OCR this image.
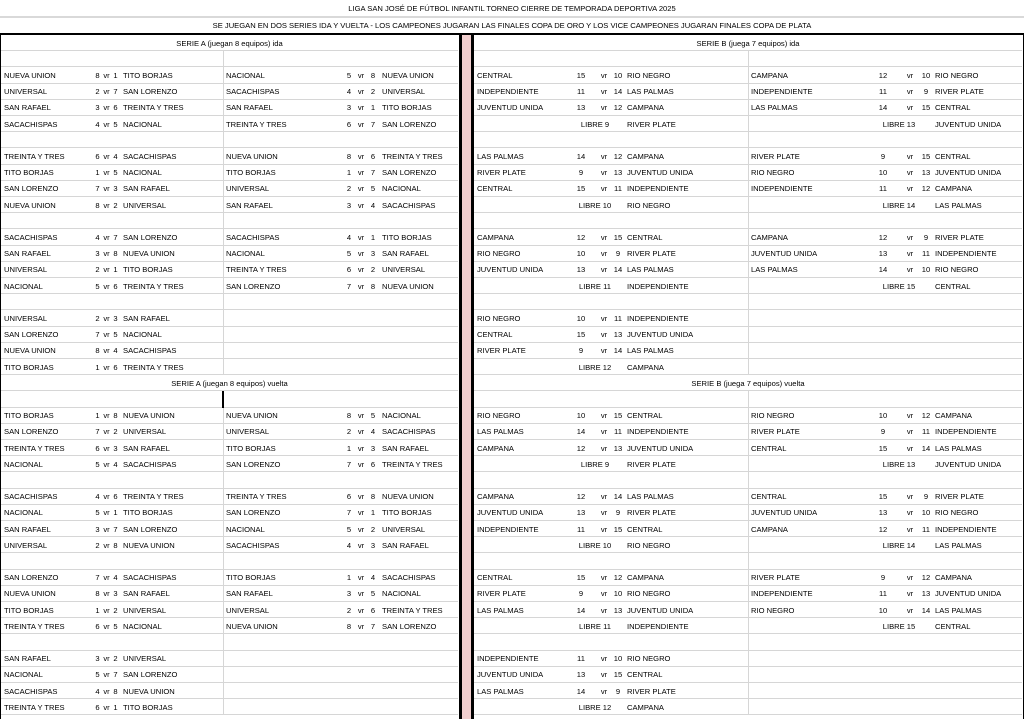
LIGA SAN JOSÉ DE FÚTBOL INFANTIL TORNEO CIERRE DE TEMPORADA DEPORTIVA 2025
SE JUEGAN EN DOS SERIES IDA Y VUELTA - LOS CAMPEONES JUGARAN LAS FINALES COPA DE ORO Y LOS VICE CAMPEONES JUGARAN FINALES COPA DE PLATA
SERIE A (juegan 8 equipos) ida
NUEVA UNION	8 vr 1 TITO BORJAS
UNIVERSAL	2 vr 7 SAN LORENZO
SAN RAFAEL	3 vr 6 TREINTA Y TRES
SACACHISPAS	4 vr 5 NACIONAL
TREINTA Y TRES	6 vr 4 SACACHISPAS
TITO BORJAS	1 vr 5 NACIONAL
SAN LORENZO	7 vr 3 SAN RAFAEL
NUEVA UNION	8 vr 2 UNIVERSAL
SACACHISPAS	4 vr 7 SAN LORENZO
SAN RAFAEL	3 vr 8 NUEVA UNION
UNIVERSAL	2 vr 1 TITO BORJAS
NACIONAL	5 vr 6 TREINTA Y TRES
UNIVERSAL	2 vr 3 SAN RAFAEL
SAN LORENZO	7 vr 5 NACIONAL
NUEVA UNION	8 vr 4 SACACHISPAS
TITO BORJAS	1 vr 6 TREINTA Y TRES
NACIONAL	5 vr 8 NUEVA UNION
SACACHISPAS	4 vr 2 UNIVERSAL
SAN RAFAEL	3 vr 1 TITO BORJAS
TREINTA Y TRES	6 vr 7 SAN LORENZO
NUEVA UNION	8 vr 6 TREINTA Y TRES
TITO BORJAS	1 vr 7 SAN LORENZO
UNIVERSAL	2 vr 5 NACIONAL
SAN RAFAEL	3 vr 4 SACACHISPAS
SACACHISPAS	4 vr 1 TITO BORJAS
NACIONAL	5 vr 3 SAN RAFAEL
TREINTA Y TRES	6 vr 2 UNIVERSAL
SAN LORENZO	7 vr 8 NUEVA UNION
SERIE A (juegan 8 equipos) vuelta
TITO BORJAS	1 vr 8 NUEVA UNION
SAN LORENZO	7 vr 2 UNIVERSAL
TREINTA Y TRES	6 vr 3 SAN RAFAEL
NACIONAL	5 vr 4 SACACHISPAS
SACACHISPAS	4 vr 6 TREINTA Y TRES
NACIONAL	5 vr 1 TITO BORJAS
SAN RAFAEL	3 vr 7 SAN LORENZO
UNIVERSAL	2 vr 8 NUEVA UNION
SAN LORENZO	7 vr 4 SACACHISPAS
NUEVA UNION	8 vr 3 SAN RAFAEL
TITO BORJAS	1 vr 2 UNIVERSAL
TREINTA Y TRES	6 vr 5 NACIONAL
SAN RAFAEL	3 vr 2 UNIVERSAL
NACIONAL	5 vr 7 SAN LORENZO
SACACHISPAS	4 vr 8 NUEVA UNION
TREINTA Y TRES	6 vr 1 TITO BORJAS
NUEVA UNION	8 vr 5 NACIONAL
UNIVERSAL	2 vr 4 SACACHISPAS
TITO BORJAS	1 vr 3 SAN RAFAEL
SAN LORENZO	7 vr 6 TREINTA Y TRES
TREINTA Y TRES	6 vr 8 NUEVA UNION
SAN LORENZO	7 vr 1 TITO BORJAS
NACIONAL	5 vr 2 UNIVERSAL
SACACHISPAS	4 vr 3 SAN RAFAEL
TITO BORJAS	1 vr 4 SACACHISPAS
SAN RAFAEL	3 vr 5 NACIONAL
UNIVERSAL	2 vr 6 TREINTA Y TRES
NUEVA UNION	8 vr 7 SAN LORENZO
SERIE B (juega 7 equipos) ida
CENTRAL	15	vr 10 RIO NEGRO
INDEPENDIENTE	11	vr 14 LAS PALMAS
JUVENTUD UNIDA	13	vr 12 CAMPANA
LIBRE 9	RIVER PLATE
LAS PALMAS	14	vr 12 CAMPANA
RIVER PLATE	9	vr 13 JUVENTUD UNIDA
CENTRAL	15	vr 11 INDEPENDIENTE
LIBRE 10	RIO NEGRO
CAMPANA	12	vr 15 CENTRAL
RIO NEGRO	10	vr	9 RIVER PLATE
JUVENTUD UNIDA	13	vr 14 LAS PALMAS
LIBRE 11	INDEPENDIENTE
RIO NEGRO	10	vr 11 INDEPENDIENTE
CENTRAL	15	vr 13 JUVENTUD UNIDA
RIVER PLATE	9	vr 14 LAS PALMAS
LIBRE 12	CAMPANA
CAMPANA	12	vr	10 RIO NEGRO
INDEPENDIENTE	11	vr	9 RIVER PLATE
LAS PALMAS	14	vr	15 CENTRAL
LIBRE 13	JUVENTUD UNIDA
RIVER PLATE	9	vr	15 CENTRAL
RIO NEGRO	10	vr	13 JUVENTUD UNIDA
INDEPENDIENTE	11	vr	12 CAMPANA
LIBRE 14	LAS PALMAS
CAMPANA	12	vr	9 RIVER PLATE
JUVENTUD UNIDA	13	vr	11 INDEPENDIENTE
LAS PALMAS	14	vr	10 RIO NEGRO
LIBRE 15	CENTRAL
SERIE B (juega 7 equipos) vuelta
RIO NEGRO	10	vr 15 CENTRAL
LAS PALMAS	14	vr 11 INDEPENDIENTE
CAMPANA	12	vr 13 JUVENTUD UNIDA
LIBRE 9	RIVER PLATE
CAMPANA	12	vr 14 LAS PALMAS
JUVENTUD UNIDA	13	vr	9 RIVER PLATE
INDEPENDIENTE	11	vr 15 CENTRAL
LIBRE 10	RIO NEGRO
CENTRAL	15	vr 12 CAMPANA
RIVER PLATE	9	vr 10 RIO NEGRO
LAS PALMAS	14	vr 13 JUVENTUD UNIDA
LIBRE 11	INDEPENDIENTE
INDEPENDIENTE	11	vr 10 RIO NEGRO
JUVENTUD UNIDA	13	vr 15 CENTRAL
LAS PALMAS	14	vr	9 RIVER PLATE
LIBRE 12	CAMPANA
RIO NEGRO	10	vr	12 CAMPANA
RIVER PLATE	9	vr	11 INDEPENDIENTE
CENTRAL	15	vr	14 LAS PALMAS
LIBRE 13	JUVENTUD UNIDA
CENTRAL	15	vr	9 RIVER PLATE
JUVENTUD UNIDA	13	vr	10 RIO NEGRO
CAMPANA	12	vr	11 INDEPENDIENTE
LIBRE 14	LAS PALMAS
RIVER PLATE	9	vr	12 CAMPANA
INDEPENDIENTE	11	vr	13 JUVENTUD UNIDA
RIO NEGRO	10	vr	14 LAS PALMAS
LIBRE 15	CENTRAL
